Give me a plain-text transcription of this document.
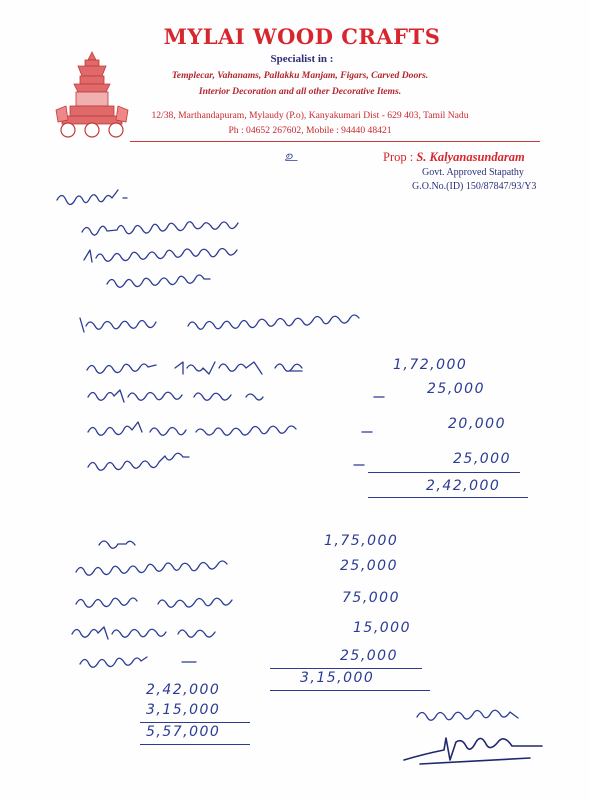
MYLAI WOOD CRAFTS
Specialist in :
Templecar, Vahanams, Pallakku Manjam, Figars, Carved Doors.
Interior Decoration and all other Decorative Items.
12/38, Marthandapuram, Mylaudy (P.o), Kanyakumari Dist - 629 403, Tamil Nadu
Ph : 04652 267602, Mobile : 94440 48421
Prop : S. Kalyanasundaram
Govt. Approved Stapathy
G.O.No.(ID) 150/87847/93/Y3
உ
1,72,000
25,000
20,000
25,000
2,42,000
1,75,000
25,000
75,000
15,000
25,000
3,15,000
2,42,000
3,15,000
5,57,000
